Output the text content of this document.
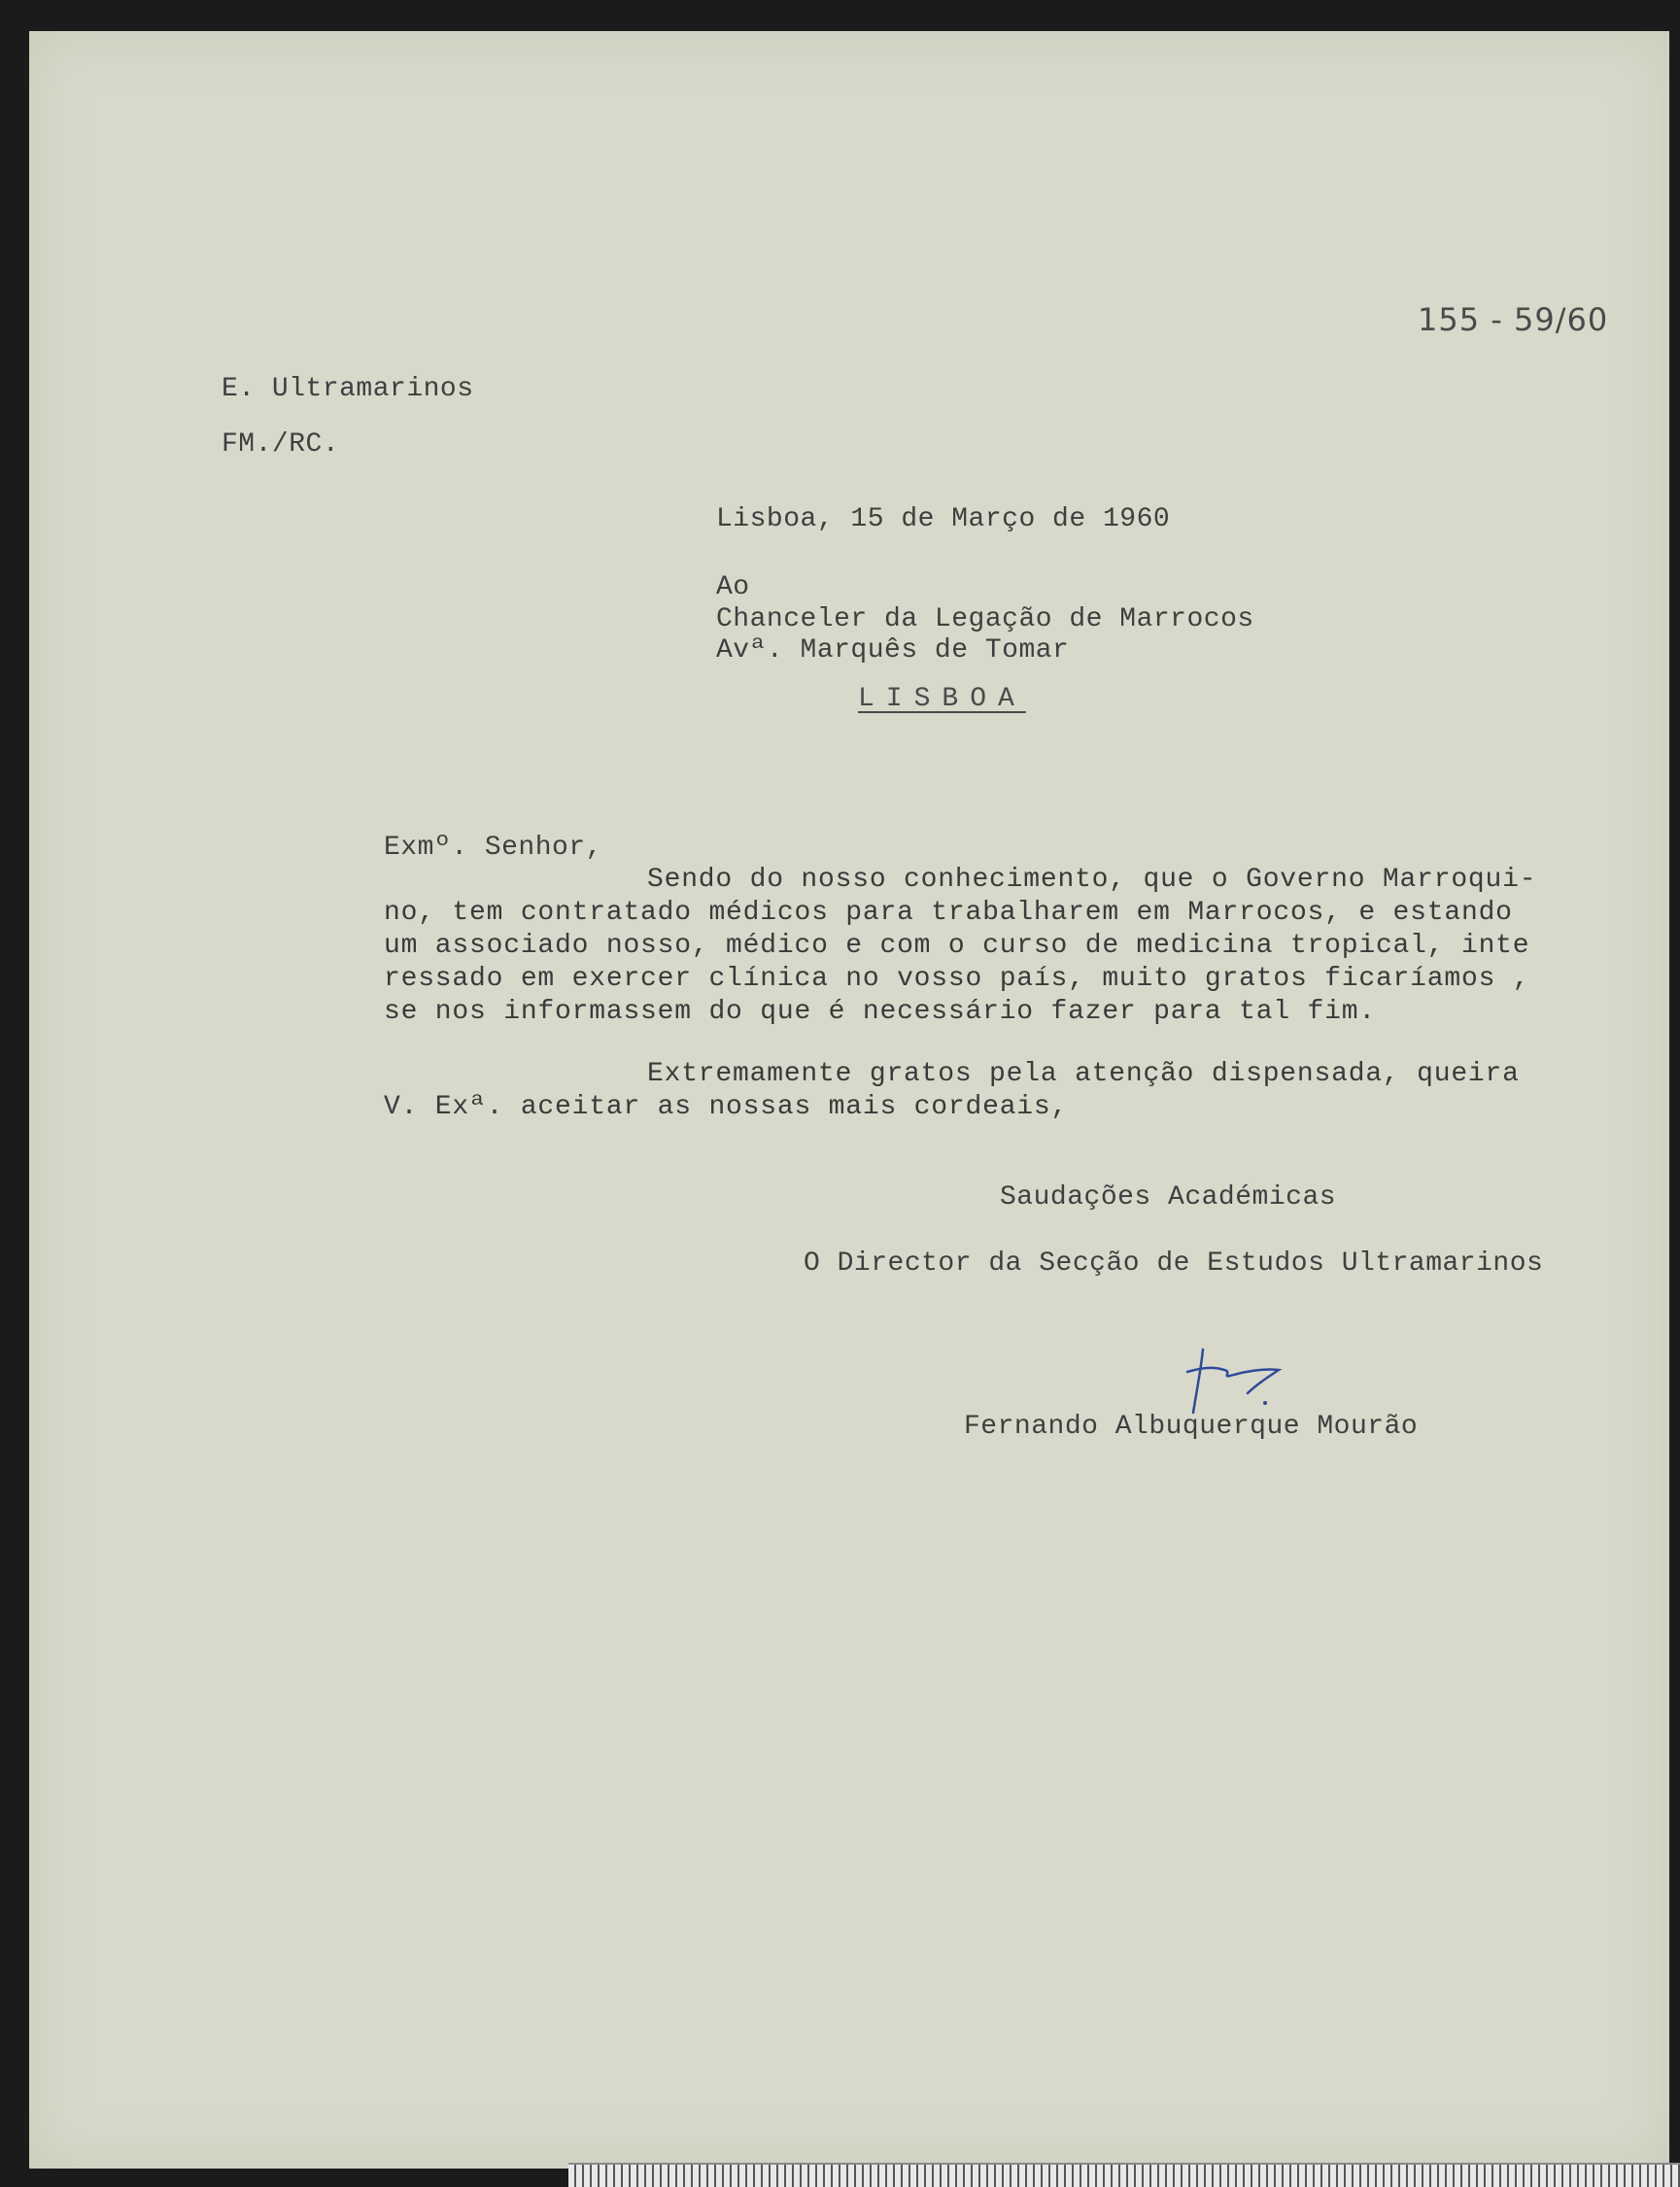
155 - 59/60
E. Ultramarinos
FM./RC.
Lisboa, 15 de Março de 1960
Ao
Chanceler da Legação de Marrocos
Avª. Marquês de Tomar
LISBOA
Exmº. Senhor,
Sendo do nosso conhecimento, que o Governo Marroqui-
no, tem contratado médicos para trabalharem em Marrocos, e estando
um associado nosso, médico e com o curso de medicina tropical, inte
ressado em exercer clínica no vosso país, muito gratos ficaríamos ,
se nos informassem do que é necessário fazer para tal fim.
Extremamente gratos pela atenção dispensada, queira
V. Exª. aceitar as nossas mais cordeais,
Saudações Académicas
O Director da Secção de Estudos Ultramarinos
Fernando Albuquerque Mourão
